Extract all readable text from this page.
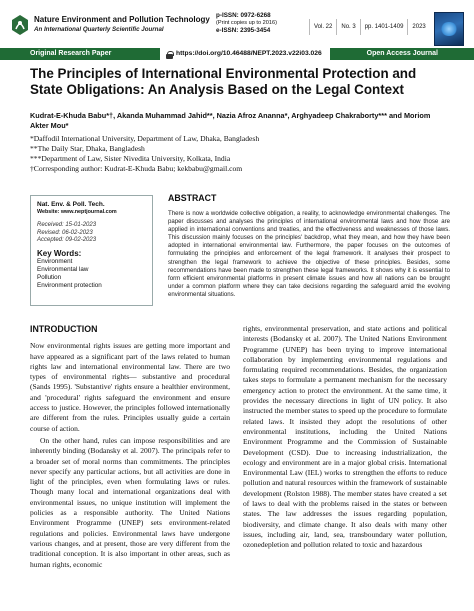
Nature Environment and Pollution Technology
An International Quarterly Scientific Journal
p-ISSN: 0972-6268
(Print copies up to 2016)
e-ISSN: 2395-3454	Vol. 22	No. 3	pp. 1401-1409	2023
Original Research Paper	https://doi.org/10.46488/NEPT.2023.v22i03.026	Open Access Journal
The Principles of International Environmental Protection and State Obligations: An Analysis Based on the Legal Context
Kudrat-E-Khuda Babu*†, Akanda Muhammad Jahid**, Nazia Afroz Ananna*, Arghyadeep Chakraborty*** and Moriom Akter Mou*
*Daffodil International University, Department of Law, Dhaka, Bangladesh
**The Daily Star, Dhaka, Bangladesh
***Department of Law, Sister Nivedita University, Kolkata, India
†Corresponding author: Kudrat-E-Khuda Babu; kekbabu@gmail.com
Nat. Env. & Poll. Tech.
Website: www.neptjournal.com
Received: 15-01-2023
Revised: 06-02-2023
Accepted: 09-02-2023
Key Words:
Environment
Environmental law
Pollution
Environment protection
ABSTRACT
There is now a worldwide collective obligation, a reality, to acknowledge environmental challenges. The paper discusses and analyses the principles of international environmental laws and how those are applied in international conventions and treaties, and the effectiveness and weaknesses of those laws. This discussion mainly focuses on the principles' backdrop, what they mean, and how they have been adopted in international environmental law. Furthermore, the paper focuses on the outcomes of formulating the principles and enforcement of the legal framework. It analyses their prospect to strengthen the legal framework to achieve the objective of these principles. Besides, some recommendations have been made to strengthen these legal frameworks. It shows why it is essential to form efficient environmental platforms in present climate issues and how all nations can be brought under a common platform where they can take decisions regarding the safeguard amid the evolving environmental situations.
INTRODUCTION

Now environmental rights issues are getting more important and have appeared as a significant part of the laws related to human rights law and international environmental law. There are two types of environmental rights— substantive and procedural (Sands 1995). 'Substantive' rights ensure a healthier environment, and 'procedural' rights safeguard the environment and ensure access to justice. However, the principles followed internationally are different from the rules. Principles usually guide a certain course of action.

On the other hand, rules can impose responsibilities and are inherently binding (Bodansky et al. 2007). The principals refer to a broader set of moral norms than commitments. The principles never specify any particular actions, but all activities are done in light of the principles, even when formulating laws or rules. Though many local and international organizations deal with environmental issues, no unique institution will implement the policies as a responsible authority. The United Nations Environment Programme (UNEP) sets environment-related regulations and policies. Environmental laws have undergone various changes, and at present, those are very different from the traditional conception. It is also important in other areas, such as human rights, economic

rights, environmental preservation, and state actions and political interests (Bodansky et al. 2007). The United Nations Environment Programme (UNEP) has been trying to improve international collaboration by implementing environmental regulations and formulating required recommendations. Besides, the organization takes steps to formulate a permanent mechanism for the necessary emergency action to protect the environment. At the same time, it provides the necessary directions in light of UN policy. It also instructed the member states to speed up the procedure to formulate related laws. It insisted they adopt the resolutions of other environmental institutions, including the United Nations Environment Programme and the Commission of Sustainable Development (CSD). Due to increasing industrialization, the ecology and environment are in a major global crisis. International Environmental Law (IEL) works to strengthen the efforts to reduce pollution and natural resources within the framework of sustainable development (Rolston 1988). The member states have created a set of laws to deal with the problems raised in the states or between states. The law addresses the issues regarding population, biodiversity, and climate change. It also deals with many other issues, including air, land, sea, transboundary water pollution, ozonedepletion and pollution related to toxic and hazardous
